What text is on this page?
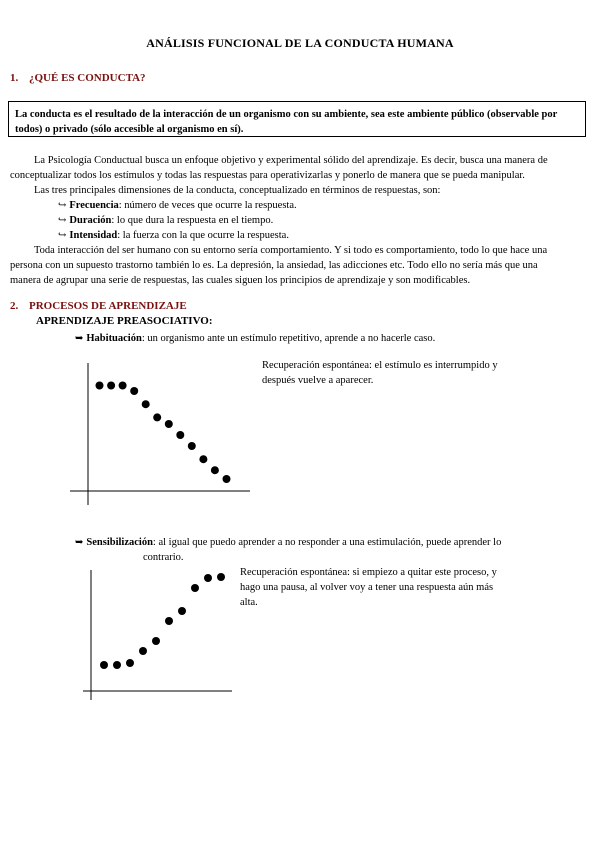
ANÁLISIS FUNCIONAL DE LA CONDUCTA HUMANA
1. ¿QUÉ ES CONDUCTA?
La conducta es el resultado de la interacción de un organismo con su ambiente, sea este ambiente público (observable por
todos) o privado (sólo accesible al organismo en sí).
La Psicología Conductual busca un enfoque objetivo y experimental sólido del aprendizaje. Es decir, busca una manera de
conceptualizar todos los estímulos y todas las respuestas para operativizarlas y ponerlo de manera que se pueda manipular.
Las tres principales dimensiones de la conducta, conceptualizado en términos de respuestas, son:
↪ Frecuencia: número de veces que ocurre la respuesta.
↪ Duración: lo que dura la respuesta en el tiempo.
↪ Intensidad: la fuerza con la que ocurre la respuesta.
Toda interacción del ser humano con su entorno sería comportamiento. Y si todo es comportamiento, todo lo que hace una
persona con un supuesto trastorno también lo es. La depresión, la ansiedad, las adicciones etc. Todo ello no sería más que una
manera de agrupar una serie de respuestas, las cuales siguen los principios de aprendizaje y son modificables.
2. PROCESOS DE APRENDIZAJE
APRENDIZAJE PREASOCIATIVO:
➥ Habituación: un organismo ante un estímulo repetitivo, aprende a no hacerle caso.
Recuperación espontánea: el estímulo es interrumpido y
después vuelve a aparecer.
➥ Sensibilización: al igual que puedo aprender a no responder a una estimulación, puede aprender lo
contrario.
Recuperación espontánea: si empiezo a quitar este proceso, y
hago una pausa, al volver voy a tener una respuesta aún más
alta.
